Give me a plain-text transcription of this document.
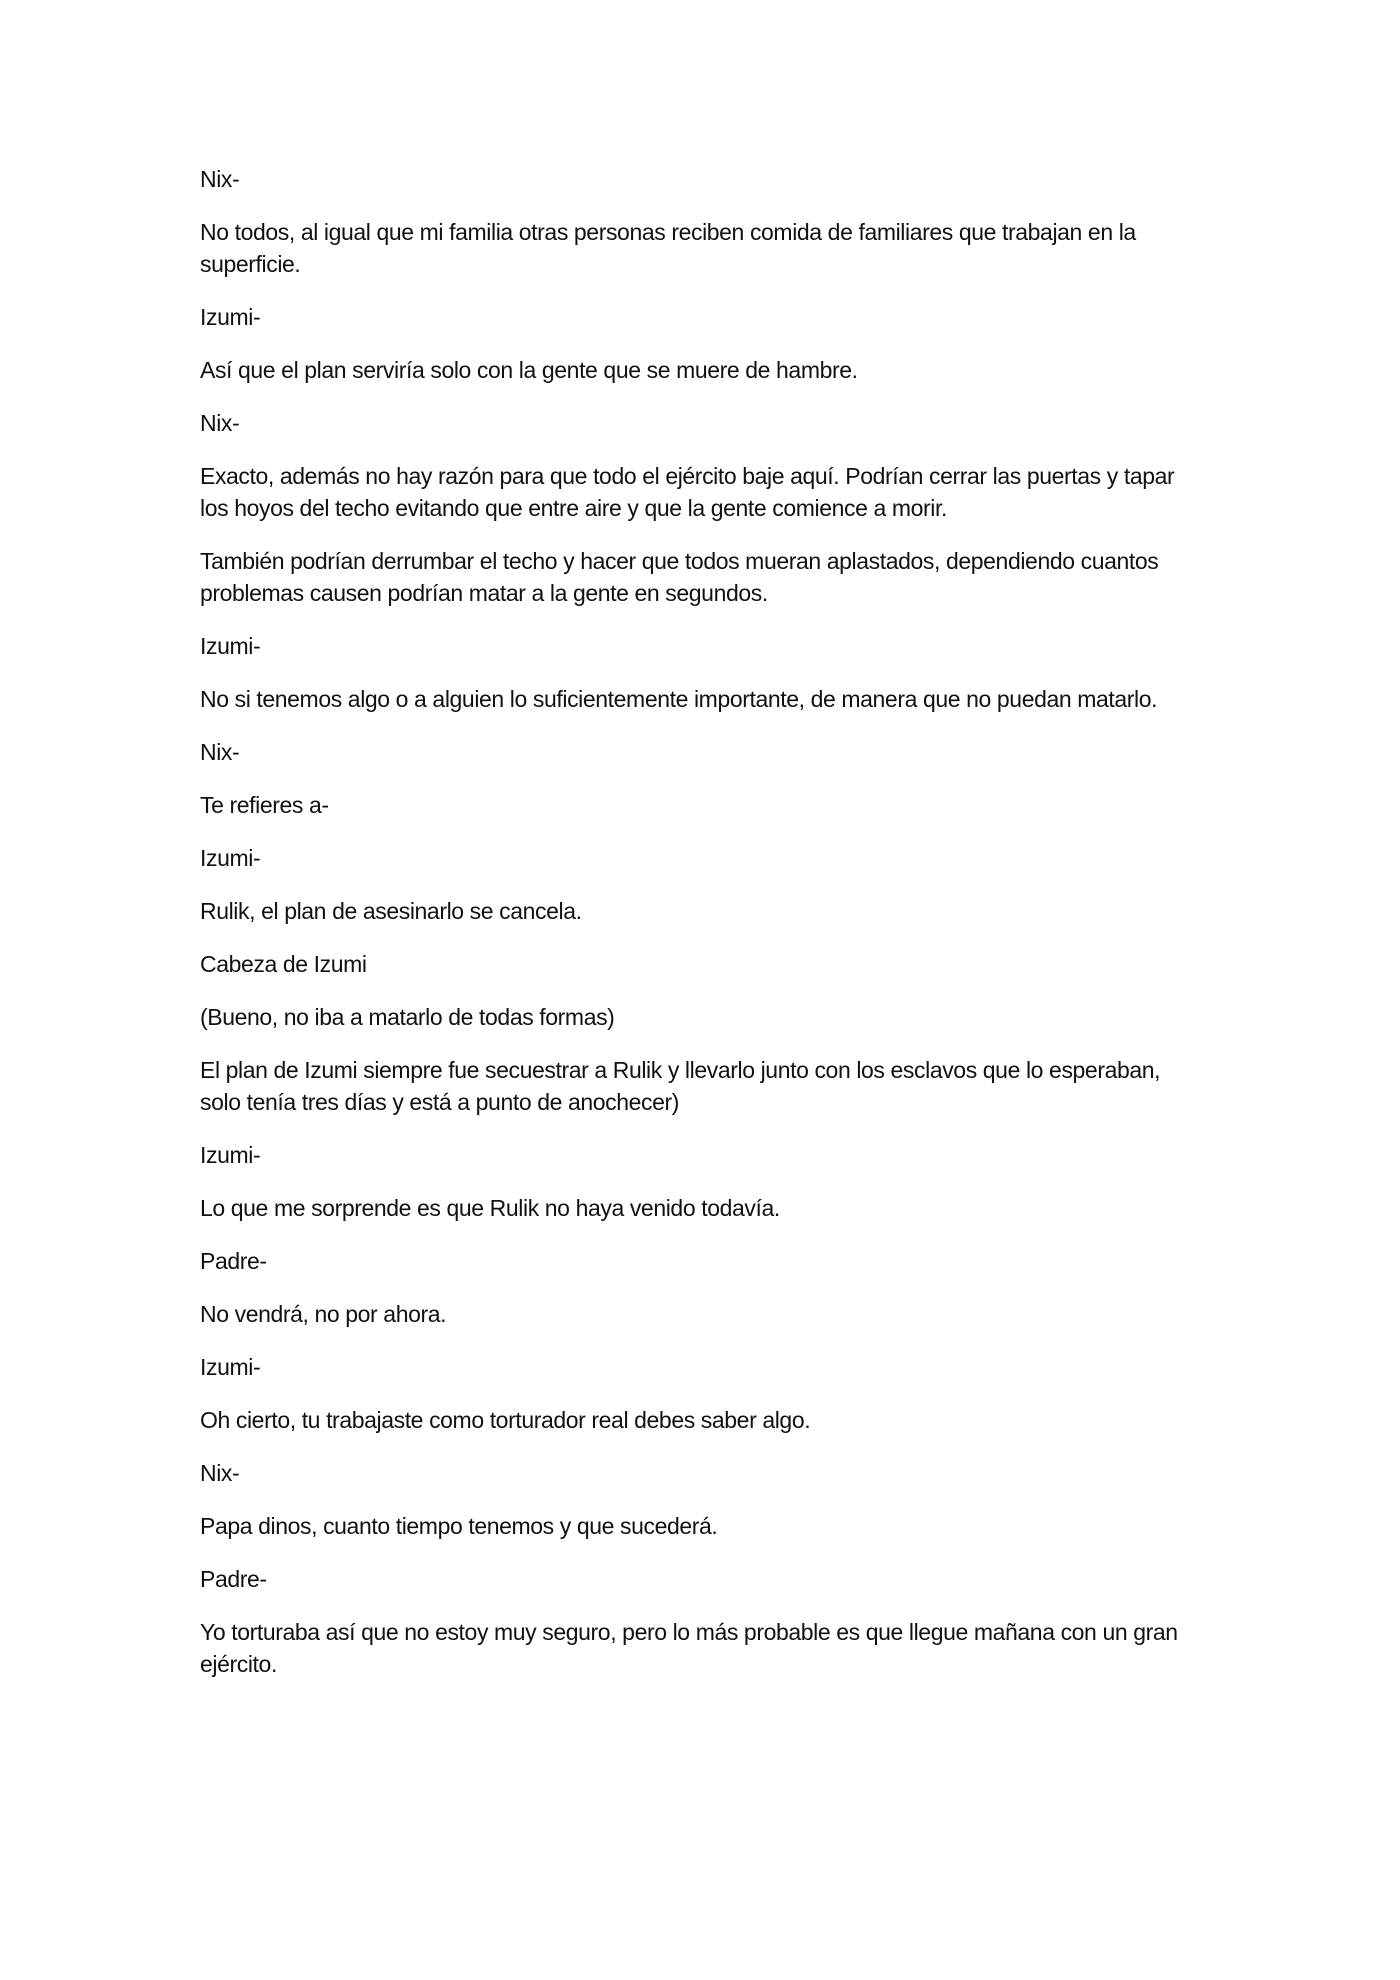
Nix-

No todos, al igual que mi familia otras personas reciben comida de familiares que trabajan en la superficie.

Izumi-

Así que el plan serviría solo con la gente que se muere de hambre.

Nix-

Exacto, además no hay razón para que todo el ejército baje aquí. Podrían cerrar las puertas y tapar los hoyos del techo evitando que entre aire y que la gente comience a morir.

También podrían derrumbar el techo y hacer que todos mueran aplastados, dependiendo cuantos problemas causen podrían matar a la gente en segundos.

Izumi-

No si tenemos algo o a alguien lo suficientemente importante, de manera que no puedan matarlo.

Nix-

Te refieres a-

Izumi-

Rulik, el plan de asesinarlo se cancela.

Cabeza de Izumi

(Bueno, no iba a matarlo de todas formas)

El plan de Izumi siempre fue secuestrar a Rulik y llevarlo junto con los esclavos que lo esperaban, solo tenía tres días y está a punto de anochecer)

Izumi-

Lo que me sorprende es que Rulik no haya venido todavía.

Padre-

No vendrá, no por ahora.

Izumi-

Oh cierto, tu trabajaste como torturador real debes saber algo.

Nix-

Papa dinos, cuanto tiempo tenemos y que sucederá.

Padre-

Yo torturaba así que no estoy muy seguro, pero lo más probable es que llegue mañana con un gran ejército.
